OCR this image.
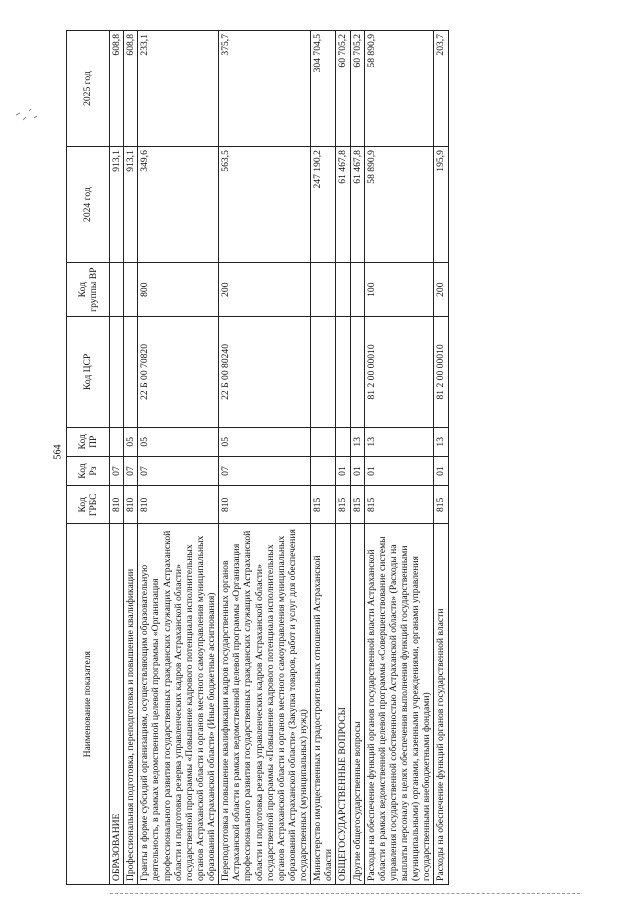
564
Наименование показателя	Код ГРБС	Код Рз	Код ПР	Код ЦСР	Код группы ВР	2024 год	2025 год
ОБРАЗОВАНИЕ	810	07				913,1	608,8
Профессиональная подготовка, переподготовка и повышение квалификации	810	07	05			913,1	608,8
Гранты в форме субсидий организациям, осуществляющим образовательную деятельность, в рамках ведомственной целевой программы «Организация профессионального развития государственных гражданских служащих Астраханской области и подготовка резерва управленческих кадров Астраханской области» государственной программы «Повышение кадрового потенциала исполнительных органов Астраханской области и органов местного самоуправления муниципальных образований Астраханской области» (Иные бюджетные ассигнования)	810	07	05	22 Б 00 70820	800	349,6	233,1
Переподготовка и повышение квалификации кадров государственных органов Астраханской области в рамках ведомственной целевой программы «Организация профессионального развития государственных гражданских служащих Астраханской области и подготовка резерва управленческих кадров Астраханской области» государственной программы «Повышение кадрового потенциала исполнительных органов Астраханской области и органов местного самоуправления муниципальных образований Астраханской области» (Закупка товаров, работ и услуг для обеспечения государственных (муниципальных) нужд)	810	07	05	22 Б 00 80240	200	563,5	375,7
Министерство имущественных и градостроительных отношений Астраханской области	815					247 190,2	304 704,5
ОБЩЕГОСУДАРСТВЕННЫЕ ВОПРОСЫ	815	01				61 467,8	60 705,2
Другие общегосударственные вопросы	815	01	13			61 467,8	60 705,2
Расходы на обеспечение функций органов государственной власти Астраханской области в рамках ведомственной целевой программы «Совершенствование системы управления государственной собственностью Астраханской области» (Расходы на выплаты персоналу в целях обеспечения выполнения функций государственными (муниципальными) органами, казенными учреждениями, органами управления государственными внебюджетными фондами)	815	01	13	81 2 00 00010	100	58 890,9	58 890,9
Расходы на обеспечение функций органов государственной власти	815	01	13	81 2 00 00010	200	195,9	203,7
